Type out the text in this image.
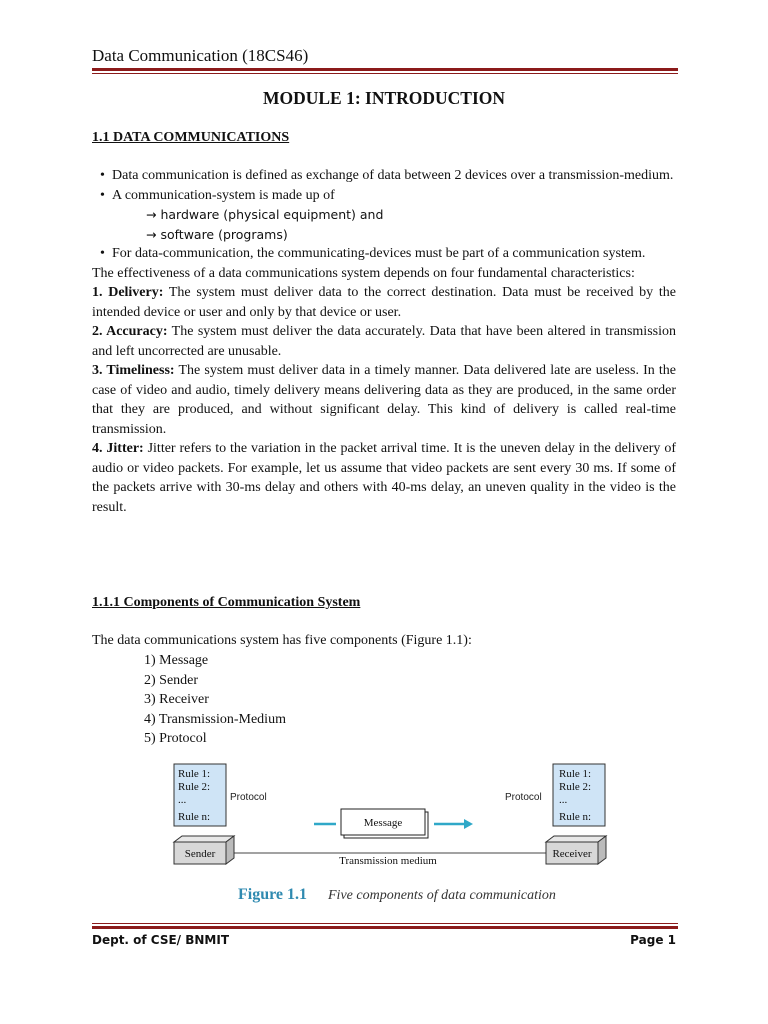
Data Communication (18CS46)
MODULE 1: INTRODUCTION
1.1 DATA COMMUNICATIONS
• Data communication is defined as exchange of data between 2 devices over a transmission-medium.
• A communication-system is made up of
→ hardware (physical equipment) and
→ software (programs)
• For data-communication, the communicating-devices must be part of a communication system.

The effectiveness of a data communications system depends on four fundamental characteristics:

1. Delivery: The system must deliver data to the correct destination. Data must be received by the intended device or user and only by that device or user.

2. Accuracy: The system must deliver the data accurately. Data that have been altered in transmission and left uncorrected are unusable.

3. Timeliness: The system must deliver data in a timely manner. Data delivered late are useless. In the case of video and audio, timely delivery means delivering data as they are produced, in the same order that they are produced, and without significant delay. This kind of delivery is called real-time transmission.

4. Jitter: Jitter refers to the variation in the packet arrival time. It is the uneven delay in the delivery of audio or video packets. For example, let us assume that video packets are sent every 30 ms. If some of the packets arrive with 30-ms delay and others with 40-ms delay, an uneven quality in the video is the result.

1.1.1 Components of Communication System
The data communications system has five components (Figure 1.1):
1) Message
2) Sender
3) Receiver
4) Transmission-Medium
5) Protocol
Rule 1:
Rule 2:
...
Rule n:
Protocol
Rule 1:
Rule 2:
...
Rule n:
Protocol
Message
Transmission medium
Sender	Receiver
Figure 1.1 Five components of data communication
Dept. of CSE/ BNMIT	Page 1
